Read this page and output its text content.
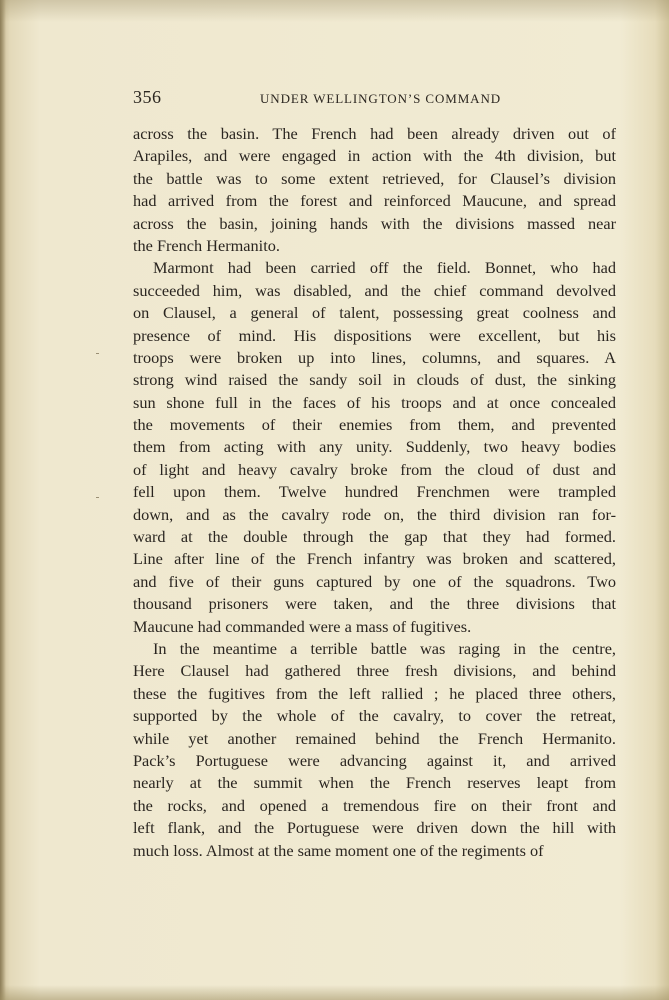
356	UNDER WELLINGTON’S COMMAND
across the basin. The French had been already driven out of
Arapiles, and were engaged in action with the 4th division, but
the battle was to some extent retrieved, for Clausel’s division
had arrived from the forest and reinforced Maucune, and spread
across the basin, joining hands with the divisions massed near
the French Hermanito.
Marmont had been carried off the field. Bonnet, who had
succeeded him, was disabled, and the chief command devolved
on Clausel, a general of talent, possessing great coolness and
presence of mind. His dispositions were excellent, but his
troops were broken up into lines, columns, and squares. A
strong wind raised the sandy soil in clouds of dust, the sinking
sun shone full in the faces of his troops and at once concealed
the movements of their enemies from them, and prevented
them from acting with any unity. Suddenly, two heavy bodies
of light and heavy cavalry broke from the cloud of dust and
fell upon them. Twelve hundred Frenchmen were trampled
down, and as the cavalry rode on, the third division ran for-
ward at the double through the gap that they had formed.
Line after line of the French infantry was broken and scattered,
and five of their guns captured by one of the squadrons. Two
thousand prisoners were taken, and the three divisions that
Maucune had commanded were a mass of fugitives.
In the meantime a terrible battle was raging in the centre,
Here Clausel had gathered three fresh divisions, and behind
these the fugitives from the left rallied ; he placed three others,
supported by the whole of the cavalry, to cover the retreat,
while yet another remained behind the French Hermanito.
Pack’s Portuguese were advancing against it, and arrived
nearly at the summit when the French reserves leapt from
the rocks, and opened a tremendous fire on their front and
left flank, and the Portuguese were driven down the hill with
much loss. Almost at the same moment one of the regiments of
